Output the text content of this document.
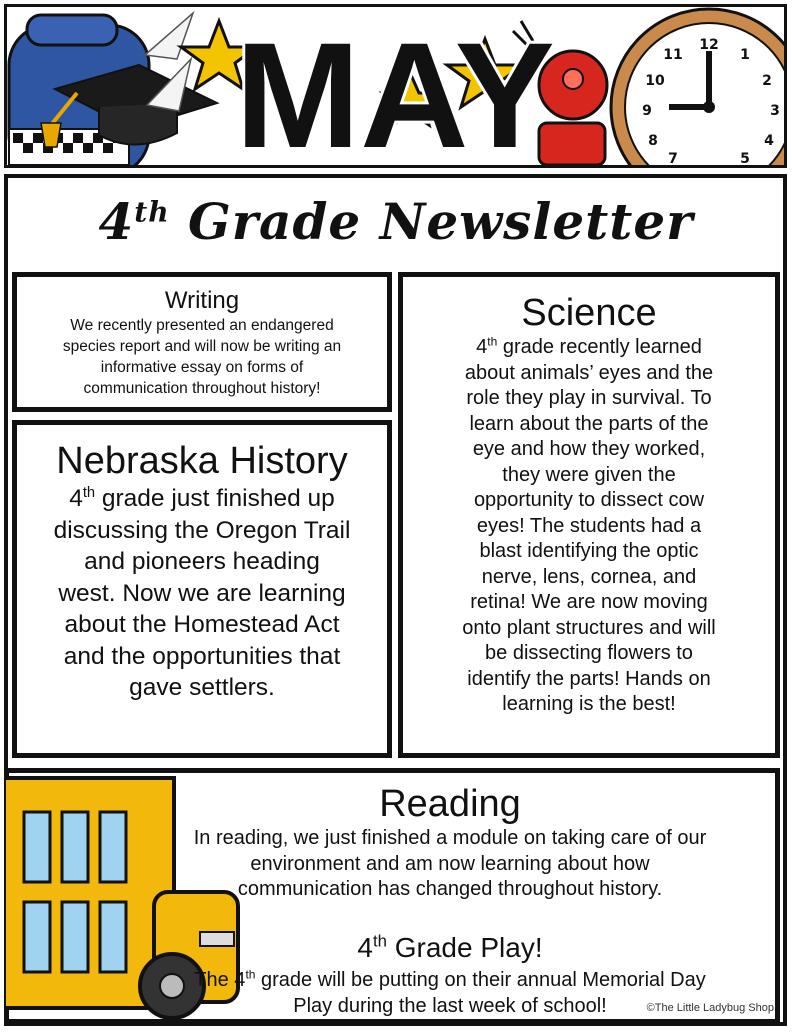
12
11	1
10	2
9	3
8	4
7	5
MAY
4th Grade Newsletter
Writing
We recently presented an endangered
species report and will now be writing an
informative essay on forms of
communication throughout history!
Nebraska History
4th grade just finished up
discussing the Oregon Trail
and pioneers heading
west. Now we are learning
about the Homestead Act
and the opportunities that
gave settlers.
Science
4th grade recently learned
about animals’ eyes and the
role they play in survival. To
learn about the parts of the
eye and how they worked,
they were given the
opportunity to dissect cow
eyes! The students had a
blast identifying the optic
nerve, lens, cornea, and
retina! We are now moving
onto plant structures and will
be dissecting flowers to
identify the parts! Hands on
learning is the best!
Reading
In reading, we just finished a module on taking care of our
environment and am now learning about how
communication has changed throughout history.
4th Grade Play!
The 4th grade will be putting on their annual Memorial Day
Play during the last week of school!	©The Little Ladybug Shop
